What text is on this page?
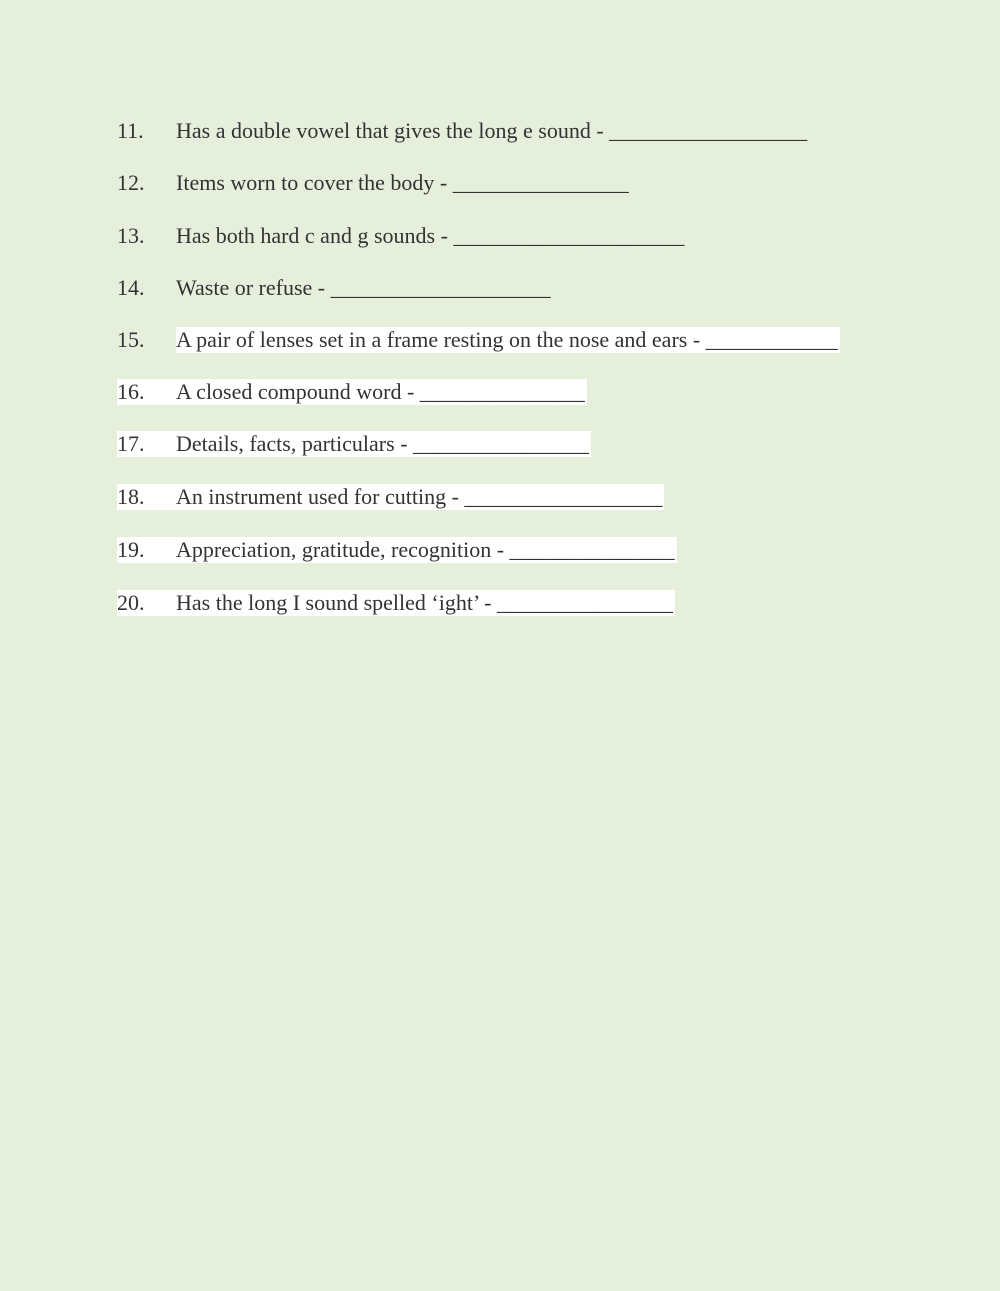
11. Has a double vowel that gives the long e sound - __________________
12. Items worn to cover the body - ________________
13. Has both hard c and g sounds - _____________________
14. Waste or refuse - ____________________
15. A pair of lenses set in a frame resting on the nose and ears - ____________
16. A closed compound word - _______________
17. Details, facts, particulars - ________________
18. An instrument used for cutting - __________________
19. Appreciation, gratitude, recognition - _______________
20. Has the long I sound spelled ‘ight’ - ________________
